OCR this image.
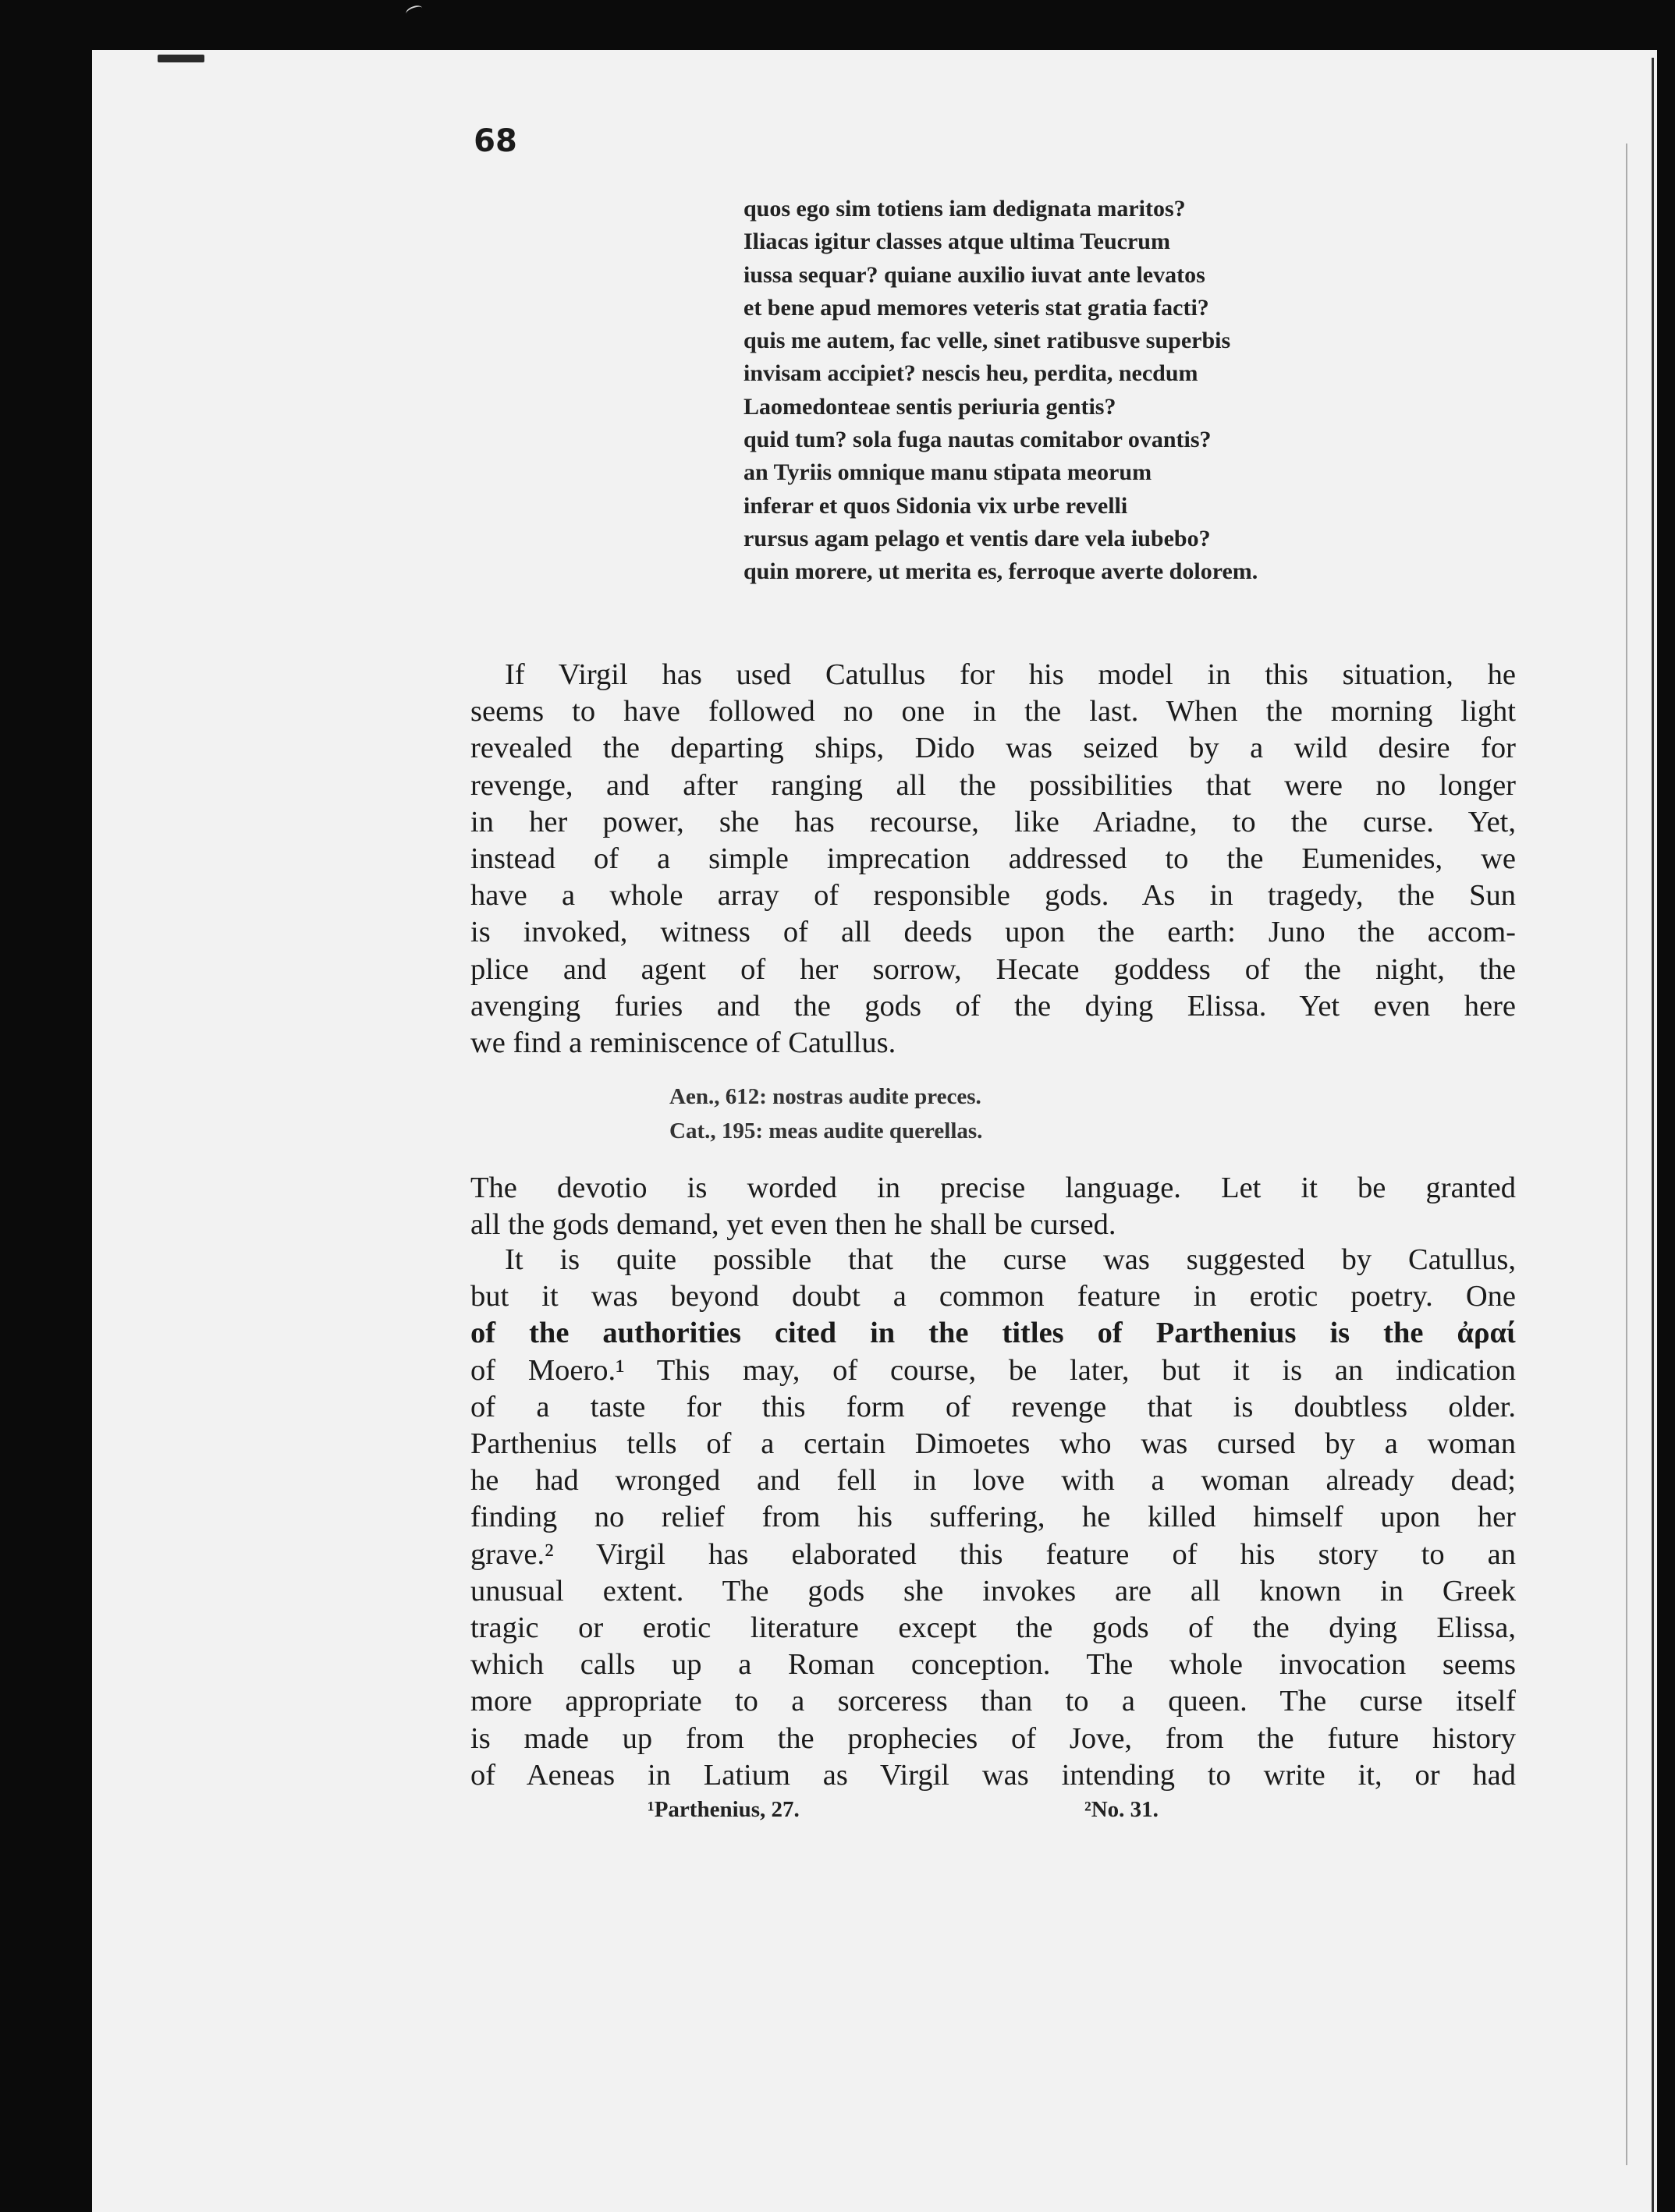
68
quos ego sim totiens iam dedignata maritos?
Iliacas igitur classes atque ultima Teucrum
iussa sequar? quiane auxilio iuvat ante levatos
et bene apud memores veteris stat gratia facti?
quis me autem, fac velle, sinet ratibusve superbis
invisam accipiet? nescis heu, perdita, necdum
Laomedonteae sentis periuria gentis?
quid tum? sola fuga nautas comitabor ovantis?
an Tyriis omnique manu stipata meorum
inferar et quos Sidonia vix urbe revelli
rursus agam pelago et ventis dare vela iubebo?
quin morere, ut merita es, ferroque averte dolorem.
If Virgil has used Catullus for his model in this situation, he
seems to have followed no one in the last. When the morning light
revealed the departing ships, Dido was seized by a wild desire for
revenge, and after ranging all the possibilities that were no longer
in her power, she has recourse, like Ariadne, to the curse. Yet,
instead of a simple imprecation addressed to the Eumenides, we
have a whole array of responsible gods. As in tragedy, the Sun
is invoked, witness of all deeds upon the earth: Juno the accom-
plice and agent of her sorrow, Hecate goddess of the night, the
avenging furies and the gods of the dying Elissa. Yet even here
we find a reminiscence of Catullus.
Aen., 612: nostras audite preces.
Cat., 195: meas audite querellas.
The devotio is worded in precise language. Let it be granted
all the gods demand, yet even then he shall be cursed.
It is quite possible that the curse was suggested by Catullus,
but it was beyond doubt a common feature in erotic poetry. One
of the authorities cited in the titles of Parthenius is the ἀραί
of Moero.¹ This may, of course, be later, but it is an indication
of a taste for this form of revenge that is doubtless older.
Parthenius tells of a certain Dimoetes who was cursed by a woman
he had wronged and fell in love with a woman already dead;
finding no relief from his suffering, he killed himself upon her
grave.² Virgil has elaborated this feature of his story to an
unusual extent. The gods she invokes are all known in Greek
tragic or erotic literature except the gods of the dying Elissa,
which calls up a Roman conception. The whole invocation seems
more appropriate to a sorceress than to a queen. The curse itself
is made up from the prophecies of Jove, from the future history
of Aeneas in Latium as Virgil was intending to write it, or had
¹Parthenius, 27.	²No. 31.
